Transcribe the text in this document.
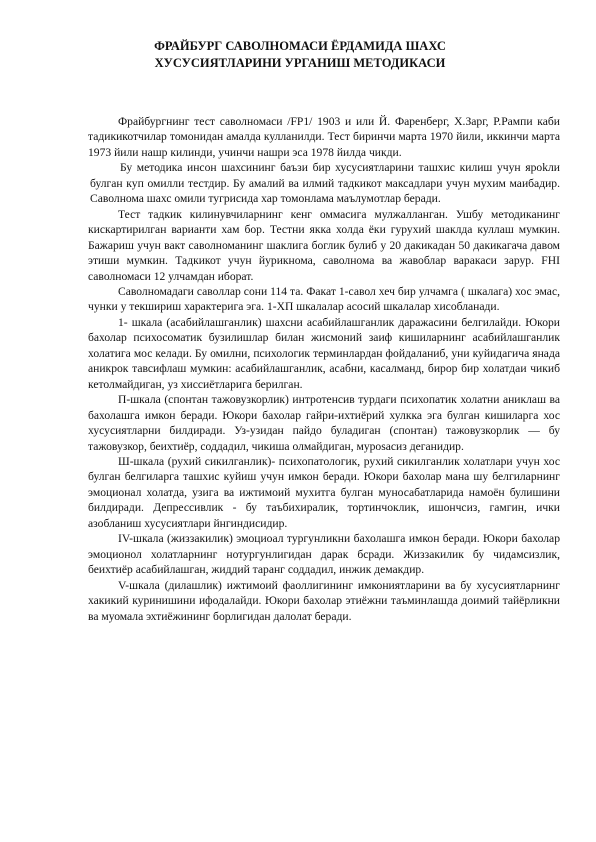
ФРАЙБУРГ САВОЛНОМАСИ ЁРДАМИДА ШАХС
ХУСУСИЯТЛАРИНИ УРГАНИШ МЕТОДИКАСИ

Фрайбургнинг тест саволномаси /FP1/ 1903 и или Й. Фаренберг, Х.Зарг, Р.Рампи каби тадикикотчилар томонидан амалда кулланилди. Тест биринчи марта 1970 йили, иккинчи марта 1973 йили нашр килинди, учинчи нашри эса 1978 йилда чикди.

Бу методика инсон шахсининг баъзи бир хусусиятларини ташхис килиш учун яроkли булган куп омилли тестдир. Бу амалий ва илмий тадкикот максадлари учун мухим маибадир. Саволнома шахс омили тугрисида хар томонлама маълумотлар беради.

Тест тадкик килинувчиларнинг кенг оммасига мулжалланган. Ушбу методиканинг кискартирилган варианти хам бор. Тестни якка холда ёки гурухий шаклда куллаш мумкин. Бажариш учун вакт саволноманинг шаклига боглик булиб у 20 дакикадан 50 дакикагача давом этиши мумкин. Тадкикот учун йурикнома, саволнома ва жавоблар варакаси зарур. FHI саволномаси 12 улчамдан иборат.

Саволномадаги саволлар сони 114 та. Факат 1-савол хеч бир улчамга ( шкалага) хос эмас, чунки у текшириш характерига эга. 1-ХП шкалалар асосий шкалалар хисобланади.

1- шкала (асабийлашганлик) шахсни асабийлашганлик даражасини белгилайди. Юкори бахолар психосоматик бузилишлар билан жисмоний заиф кишиларнинг асабийлашганлик холатига мос келади. Бу омилни, психологик терминлардан фойдаланиб, уни куйидагича янада аникрок тавсифлаш мумкин: асабийлашганлик, асабни, касалманд, бирор бир холатдаи чикиб кетолмайдиган, уз хиссиётларига берилган.

П-шкала (спонтан тажовузкорлик) интротенсив турдаги психопатик холатни аниклаш ва бахолашга имкон беради. Юкори бахолар гайри-ихтиёрий хулкка эга булган кишиларга хос хусусиятларни билдиради. Уз-узидан пайдо буладиган (спонтан) тажовузкорлик — бу тажовузкор, беихтиёр, соддадил, чикиша олмайдиган, мурosaсиз деганидир.

Ш-шкала (рухий сикилганлик)- психопатологик, рухий сикилганлик холатлари учун хос булган белгиларга ташхис куйиш учун имкон беради. Юкори бахолар мана шу белгиларнинг эмоционал холатда, узига ва ижтимоий мухитга булган муносабатларида намоён булишини билдиради. Депрессивлик - бу таъбихиралик, тортинчоклик, ишончсиз, гамгин, ички азобланиш хусусиятлари йнгиндисидир.

IV-шкала (жиззакилик) эмоциоал тургунликни бахолашга имкон беради. Юкори бахолар эмоционол холатларнинг нотургунлигидан дарак бсради. Жиззакилик бу чидамсизлик, беихтиёр асабийлашган, жиддий таранг соддадил, инжик демакдир.

V-шкала (дилашлик) ижтимоий фаоллигининг имкониятларини ва бу хусусиятларнинг хакикий куринишини ифодалайди. Юкори бахолар этиёжни таъминлашда доимий тайёрликни ва муомала эхтиёжининг борлигидан далолат беради.
